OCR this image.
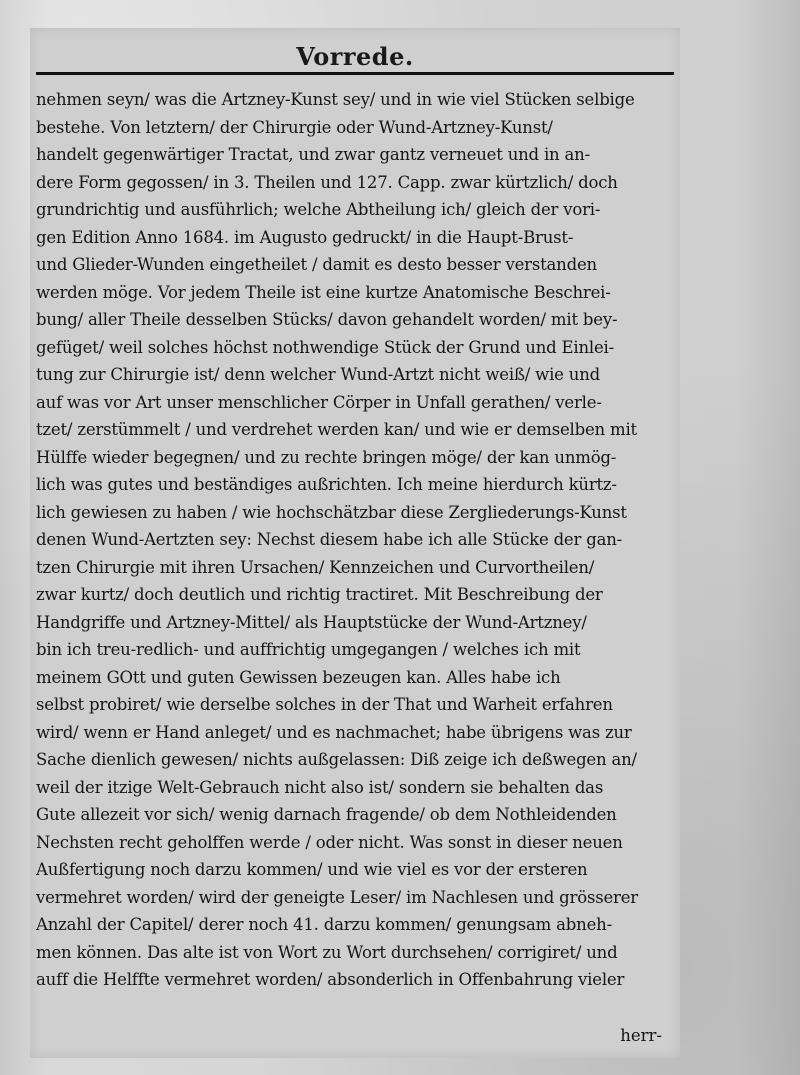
Vorrede.
nehmen seyn/ was die Artzney-Kunst sey/ und in wie viel Stücken selbige
bestehe. Von letztern/ der Chirurgie oder Wund-Artzney-Kunst/
handelt gegenwärtiger Tractat, und zwar gantz verneuet und in an-
dere Form gegossen/ in 3. Theilen und 127. Capp. zwar kürtzlich/ doch
grundrichtig und ausführlich; welche Abtheilung ich/ gleich der vori-
gen Edition Anno 1684. im Augusto gedruckt/ in die Haupt-Brust-
und Glieder-Wunden eingetheilet / damit es desto besser verstanden
werden möge. Vor jedem Theile ist eine kurtze Anatomische Beschrei-
bung/ aller Theile desselben Stücks/ davon gehandelt worden/ mit bey-
gefüget/ weil solches höchst nothwendige Stück der Grund und Einlei-
tung zur Chirurgie ist/ denn welcher Wund-Artzt nicht weiß/ wie und
auf was vor Art unser menschlicher Cörper in Unfall gerathen/ verle-
tzet/ zerstümmelt / und verdrehet werden kan/ und wie er demselben mit
Hülffe wieder begegnen/ und zu rechte bringen möge/ der kan unmög-
lich was gutes und beständiges außrichten. Ich meine hierdurch kürtz-
lich gewiesen zu haben / wie hochschätzbar diese Zergliederungs-Kunst
denen Wund-Aertzten sey: Nechst diesem habe ich alle Stücke der gan-
tzen Chirurgie mit ihren Ursachen/ Kennzeichen und Curvortheilen/
zwar kurtz/ doch deutlich und richtig tractiret. Mit Beschreibung der
Handgriffe und Artzney-Mittel/ als Hauptstücke der Wund-Artzney/
bin ich treu-redlich- und auffrichtig umgegangen / welches ich mit
meinem GOtt und guten Gewissen bezeugen kan. Alles habe ich
selbst probiret/ wie derselbe solches in der That und Warheit erfahren
wird/ wenn er Hand anleget/ und es nachmachet; habe übrigens was zur
Sache dienlich gewesen/ nichts außgelassen: Diß zeige ich deßwegen an/
weil der itzige Welt-Gebrauch nicht also ist/ sondern sie behalten das
Gute allezeit vor sich/ wenig darnach fragende/ ob dem Nothleidenden
Nechsten recht geholffen werde / oder nicht. Was sonst in dieser neuen
Außfertigung noch darzu kommen/ und wie viel es vor der ersteren
vermehret worden/ wird der geneigte Leser/ im Nachlesen und grösserer
Anzahl der Capitel/ derer noch 41. darzu kommen/ genungsam abneh-
men können. Das alte ist von Wort zu Wort durchsehen/ corrigiret/ und
auff die Helffte vermehret worden/ absonderlich in Offenbahrung vieler
herr-
